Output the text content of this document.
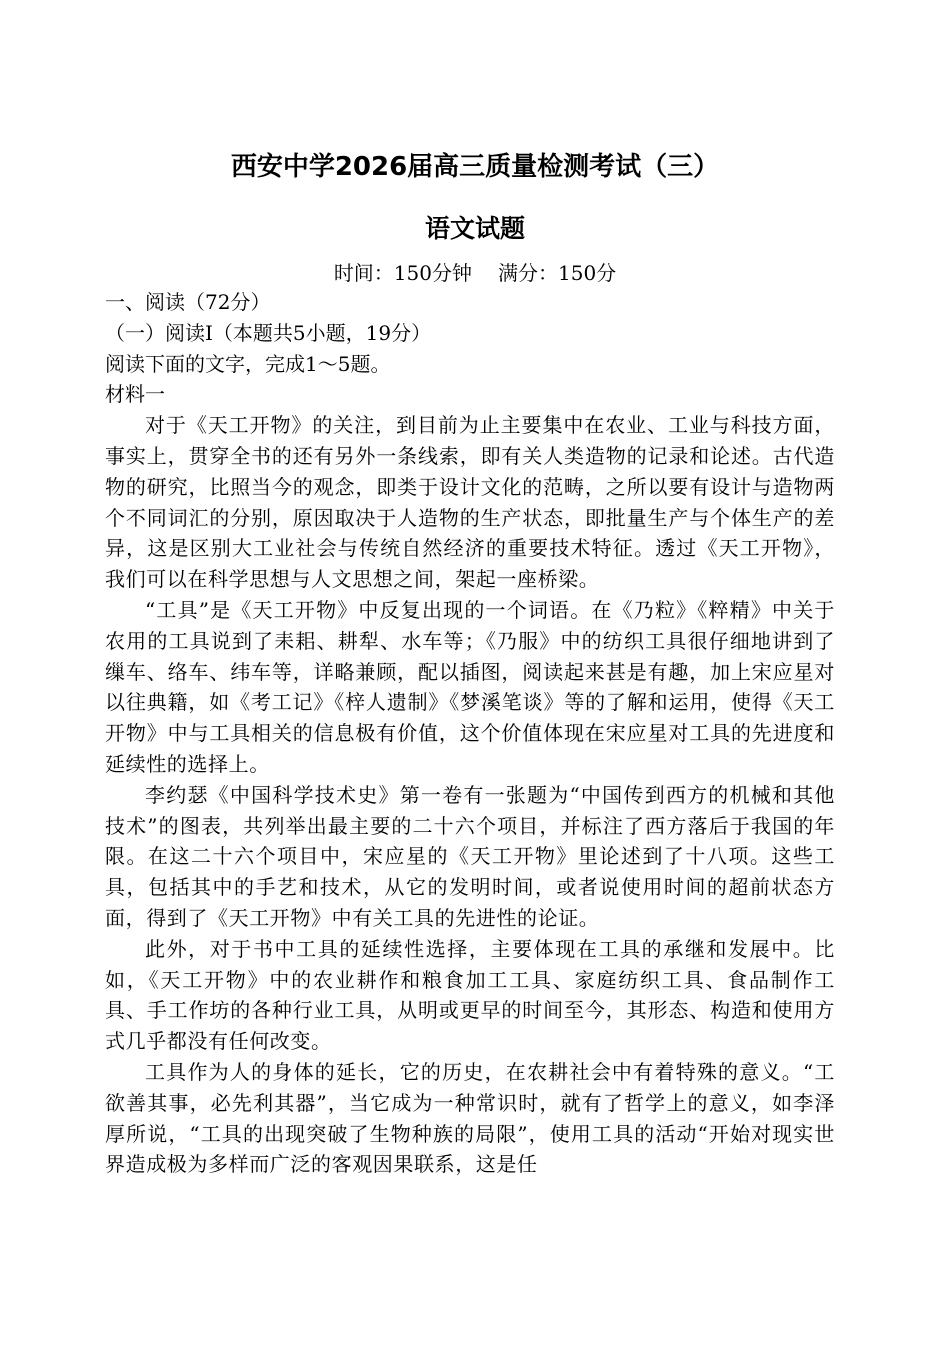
西安中学2026届高三质量检测考试（三）
语文试题
时间：150分钟 满分：150分

一、阅读（72分）

（一）阅读Ⅰ（本题共5小题，19分）

阅读下面的文字，完成1～5题。

材料一

对于《天工开物》的关注，到目前为止主要集中在农业、工业与科技方面，事实上，贯穿全书的还有另外一条线索，即有关人类造物的记录和论述。古代造物的研究，比照当今的观念，即类于设计文化的范畴，之所以要有设计与造物两个不同词汇的分别，原因取决于人造物的生产状态，即批量生产与个体生产的差异，这是区别大工业社会与传统自然经济的重要技术特征。透过《天工开物》，我们可以在科学思想与人文思想之间，架起一座桥梁。

“工具”是《天工开物》中反复出现的一个词语。在《乃粒》《粹精》中关于农用的工具说到了耒耜、耕犁、水车等；《乃服》中的纺织工具很仔细地讲到了缫车、络车、纬车等，详略兼顾，配以插图，阅读起来甚是有趣，加上宋应星对以往典籍，如《考工记》《梓人遗制》《梦溪笔谈》等的了解和运用，使得《天工开物》中与工具相关的信息极有价值，这个价值体现在宋应星对工具的先进度和延续性的选择上。

李约瑟《中国科学技术史》第一卷有一张题为“中国传到西方的机械和其他技术”的图表，共列举出最主要的二十六个项目，并标注了西方落后于我国的年限。在这二十六个项目中，宋应星的《天工开物》里论述到了十八项。这些工具，包括其中的手艺和技术，从它的发明时间，或者说使用时间的超前状态方面，得到了《天工开物》中有关工具的先进性的论证。

此外，对于书中工具的延续性选择，主要体现在工具的承继和发展中。比如，《天工开物》中的农业耕作和粮食加工工具、家庭纺织工具、食品制作工具、手工作坊的各种行业工具，从明或更早的时间至今，其形态、构造和使用方式几乎都没有任何改变。

工具作为人的身体的延长，它的历史，在农耕社会中有着特殊的意义。“工欲善其事，必先利其器”，当它成为一种常识时，就有了哲学上的意义，如李泽厚所说，“工具的出现突破了生物种族的局限”，使用工具的活动“开始对现实世界造成极为多样而广泛的客观因果联系，这是任
